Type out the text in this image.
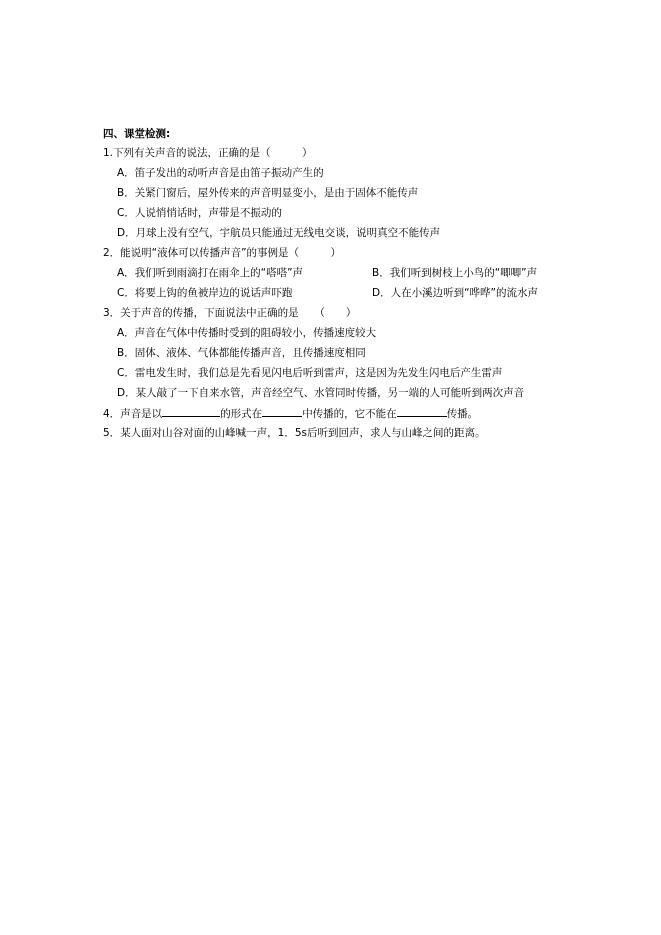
四、课堂检测:
1.下列有关声音的说法，正确的是（　　　）
A．笛子发出的动听声音是由笛子振动产生的
B．关紧门窗后，屋外传来的声音明显变小，是由于固体不能传声
C．人说悄悄话时，声带是不振动的
D．月球上没有空气，宇航员只能通过无线电交谈，说明真空不能传声
2．能说明“液体可以传播声音”的事例是（　　　）
A．我们听到雨滴打在雨伞上的“嗒嗒”声	B．我们听到树枝上小鸟的“唧唧”声
C．将要上钩的鱼被岸边的说话声吓跑	D．人在小溪边听到“哗哗”的流水声
3．关于声音的传播，下面说法中正确的是　　（　　）
A．声音在气体中传播时受到的阻碍较小，传播速度较大
B．固体、液体、气体都能传播声音，且传播速度相同
C．雷电发生时，我们总是先看见闪电后听到雷声，这是因为先发生闪电后产生雷声
D．某人敲了一下自来水管，声音经空气、水管同时传播，另一端的人可能听到两次声音
4．声音是以	的形式在	中传播的，它不能在	传播。
5．某人面对山谷对面的山峰喊一声，1．5s后听到回声，求人与山峰之间的距离。
